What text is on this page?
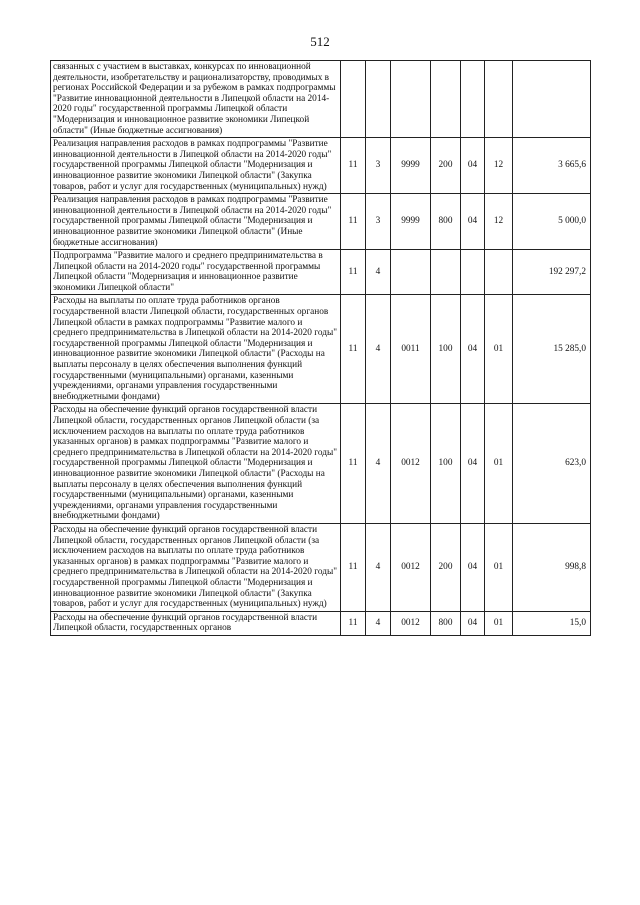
512
связанных с участием в выставках, конкурсах по инновационной деятельности, изобретательству и рационализаторству, проводимых в регионах Российской Федерации и за рубежом в рамках подпрограммы "Развитие инновационной деятельности в Липецкой области на 2014-2020 годы" государственной программы Липецкой области "Модернизация и инновационное развитие экономики Липецкой области" (Иные бюджетные ассигнования)							
Реализация направления расходов в рамках подпрограммы "Развитие инновационной деятельности в Липецкой области на 2014-2020 годы" государственной программы Липецкой области "Модернизация и инновационное развитие экономики Липецкой области" (Закупка товаров, работ и услуг для государственных (муниципальных) нужд)	11	3	9999	200	04	12	3 665,6
Реализация направления расходов в рамках подпрограммы "Развитие инновационной деятельности в Липецкой области на 2014-2020 годы" государственной программы Липецкой области "Модернизация и инновационное развитие экономики Липецкой области" (Иные бюджетные ассигнования)	11	3	9999	800	04	12	5 000,0
Подпрограмма "Развитие малого и среднего предпринимательства в Липецкой области на 2014-2020 годы" государственной программы Липецкой области "Модернизация и инновационное развитие экономики Липецкой области"	11	4					192 297,2
Расходы на выплаты по оплате труда работников органов государственной власти Липецкой области, государственных органов Липецкой области в рамках подпрограммы "Развитие малого и среднего предпринимательства в Липецкой области на 2014-2020 годы" государственной программы Липецкой области "Модернизация и инновационное развитие экономики Липецкой области" (Расходы на выплаты персоналу в целях обеспечения выполнения функций государственными (муниципальными) органами, казенными учреждениями, органами управления государственными внебюджетными фондами)	11	4	0011	100	04	01	15 285,0
Расходы на обеспечение функций органов государственной власти Липецкой области, государственных органов Липецкой области (за исключением расходов на выплаты по оплате труда работников указанных органов) в рамках подпрограммы "Развитие малого и среднего предпринимательства в Липецкой области на 2014-2020 годы" государственной программы Липецкой области "Модернизация и инновационное развитие экономики Липецкой области" (Расходы на выплаты персоналу в целях обеспечения выполнения функций государственными (муниципальными) органами, казенными учреждениями, органами управления государственными внебюджетными фондами)	11	4	0012	100	04	01	623,0
Расходы на обеспечение функций органов государственной власти Липецкой области, государственных органов Липецкой области (за исключением расходов на выплаты по оплате труда работников указанных органов) в рамках подпрограммы "Развитие малого и среднего предпринимательства в Липецкой области на 2014-2020 годы" государственной программы Липецкой области "Модернизация и инновационное развитие экономики Липецкой области" (Закупка товаров, работ и услуг для государственных (муниципальных) нужд)	11	4	0012	200	04	01	998,8
Расходы на обеспечение функций органов государственной власти Липецкой области, государственных органов	11	4	0012	800	04	01	15,0
